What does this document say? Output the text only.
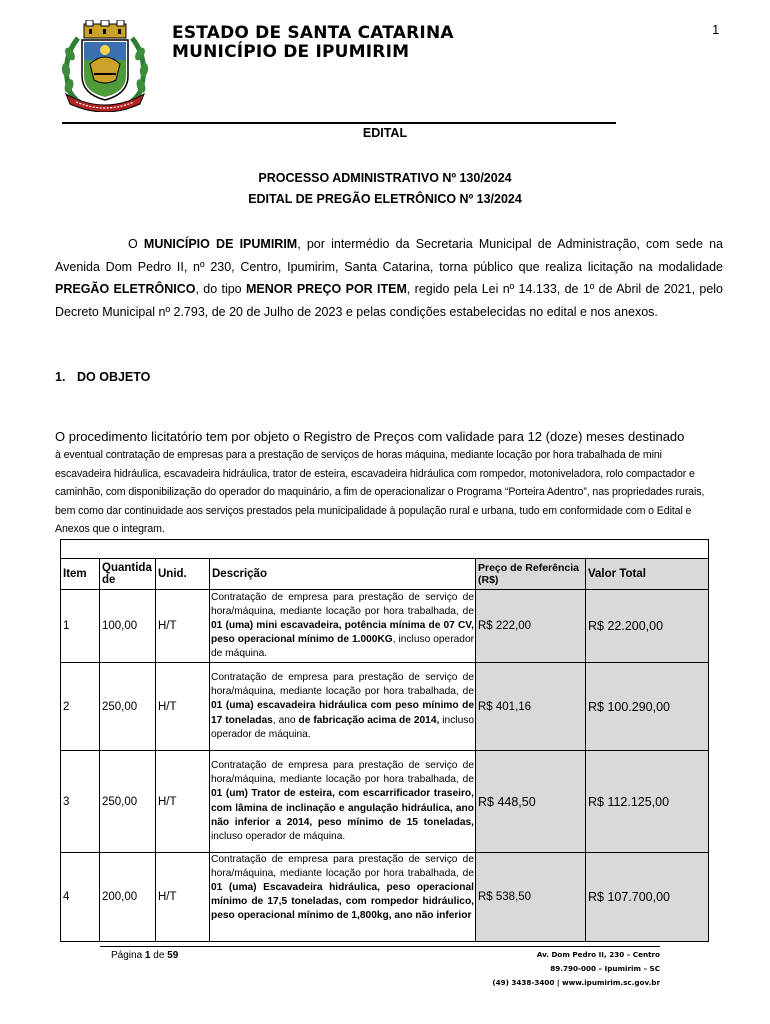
ESTADO DE SANTA CATARINA
MUNICÍPIO DE IPUMIRIM
1
EDITAL
PROCESSO ADMINISTRATIVO Nº 130/2024
EDITAL DE PREGÃO ELETRÔNICO Nº 13/2024

O MUNICÍPIO DE IPUMIRIM, por intermédio da Secretaria Municipal de Administração, com sede na Avenida Dom Pedro II, nº 230, Centro, Ipumirim, Santa Catarina, torna público que realiza licitação na modalidade PREGÃO ELETRÔNICO, do tipo MENOR PREÇO POR ITEM, regido pela Lei nº 14.133, de 1º de Abril de 2021, pelo Decreto Municipal nº 2.793, de 20 de Julho de 2023 e pelas condições estabelecidas no edital e nos anexos.

1. DO OBJETO
O procedimento licitatório tem por objeto o Registro de Preços com validade para 12 (doze) meses destinado
à eventual contratação de empresas para a prestação de serviços de horas máquina, mediante locação por hora trabalhada de mini escavadeira hidráulica, escavadeira hidráulica, trator de esteira, escavadeira hidráulica com rompedor, motoniveladora, rolo compactador e caminhão, com disponibilização do operador do maquinário, a fim de operacionalizar o Programa “Porteira Adentro”, nas propriedades rurais, bem como dar continuidade aos serviços prestados pela municipalidade à população rural e urbana, tudo em conformidade com o Edital e Anexos que o integram.

Item	Quantidade	Unid.	Descrição	Preço de Referência (R$)	Valor Total
1	100,00	H/T	Contratação de empresa para prestação de serviço de hora/máquina, mediante locação por hora trabalhada, de 01 (uma) mini escavadeira, potência mínima de 07 CV, peso operacional mínimo de 1.000KG, incluso operador de máquina.	R$ 222,00	R$ 22.200,00
2	250,00	H/T	Contratação de empresa para prestação de serviço de hora/máquina, mediante locação por hora trabalhada, de 01 (uma) escavadeira hidráulica com peso mínimo de 17 toneladas, ano de fabricação acima de 2014, incluso operador de máquina.	R$ 401,16	R$ 100.290,00
3	250,00	H/T	Contratação de empresa para prestação de serviço de hora/máquina, mediante locação por hora trabalhada, de 01 (um) Trator de esteira, com escarrificador traseiro, com lâmina de inclinação e angulação hidráulica, ano não inferior a 2014, peso mínimo de 15 toneladas, incluso operador de máquina.	R$ 448,50	R$ 112.125,00
4	200,00	H/T	Contratação de empresa para prestação de serviço de hora/máquina, mediante locação por hora trabalhada, de 01 (uma) Escavadeira hidráulica, peso operacional mínimo de 17,5 toneladas, com rompedor hidráulico, peso operacional mínimo de 1,800kg, ano não inferior	R$ 538,50	R$ 107.700,00
Página 1 de 59	Av. Dom Pedro II, 230 – Centro
89.790-000 – Ipumirim – SC
(49) 3438-3400 | www.ipumirim.sc.gov.br
